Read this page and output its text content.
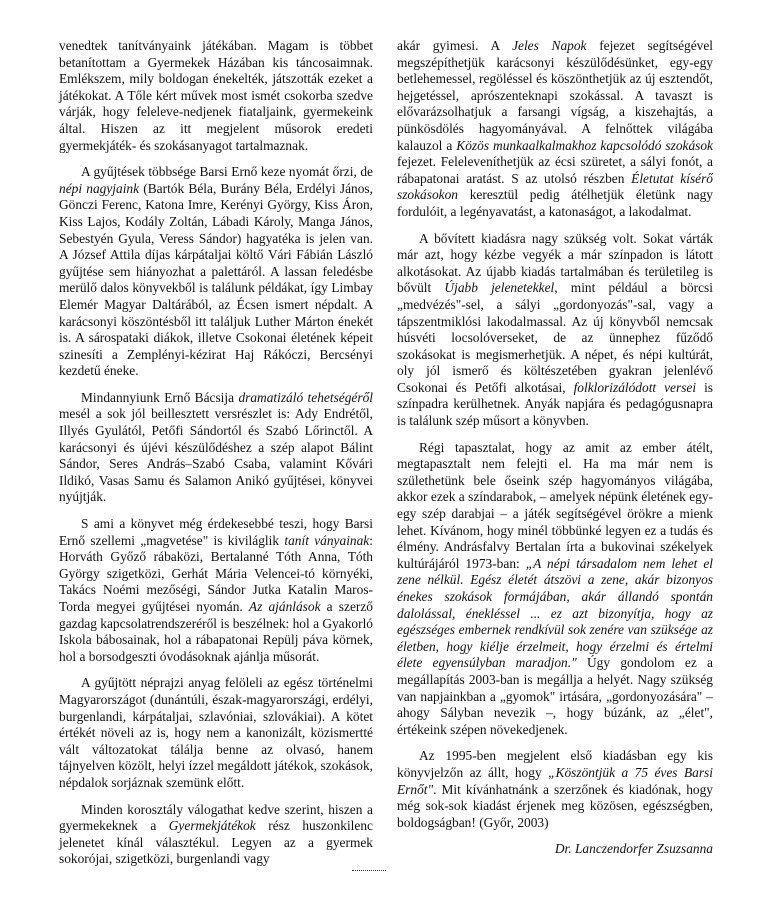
venedtek tanítványaink játékában. Magam is többet betanítottam a Gyermekek Házában kis táncosaimnak. Emlékszem, mily boldogan énekelték, játszották ezeket a játékokat. A Tőle kért művek most ismét csokorba szedve várják, hogy feleleve-nedjenek fiataljaink, gyermekeink által. Hiszen az itt megjelent műsorok eredeti gyermekjáték- és szokásanyagot tartalmaznak.

A gyűjtések többsége Barsi Ernő keze nyomát őrzi, de népi nagyjaink (Bartók Béla, Burány Béla, Erdélyi János, Gönczi Ferenc, Katona Imre, Kerényi György, Kiss Áron, Kiss Lajos, Kodály Zoltán, Lábadi Károly, Manga János, Sebestyén Gyula, Veress Sándor) hagyatéka is jelen van. A József Attila díjas kárpátaljai költő Vári Fábián László gyűjtése sem hiányozhat a palettáról. A lassan feledésbe merülő dalos könyvekből is találunk példákat, így Limbay Elemér Magyar Daltárából, az Écsen ismert népdalt. A karácsonyi köszöntésből itt találjuk Luther Márton énekét is. A sárospataki diákok, illetve Csokonai életének képeit szinesíti a Zemplényi-kézirat Haj Rákóczi, Bercsényi kezdetű éneke.

Mindannyiunk Ernő Bácsija dramatizáló tehetségéről mesél a sok jól beillesztett versrészlet is: Ady Endrétől, Illyés Gyulától, Petőfi Sándortól és Szabó Lőrinctől. A karácsonyi és újévi készülődéshez a szép alapot Bálint Sándor, Seres András–Szabó Csaba, valamint Kővári Ildikó, Vasas Samu és Salamon Anikó gyűjtései, könyvei nyújtják.

S ami a könyvet még érdekesebbé teszi, hogy Barsi Ernő szellemi „magvetése" is kiviláglik tanít ványainak: Horváth Győző rábaközi, Bertalanné Tóth Anna, Tóth György szigetközi, Gerhát Mária Velencei-tó környéki, Takács Noémi mezőségi, Sándor Jutka Katalin Maros-Torda megyei gyűjtései nyomán. Az ajánlások a szerző gazdag kapcsolatrendszeréről is beszélnek: hol a Gyakorló Iskola bábosainak, hol a rábapatonai Repülj páva körnek, hol a borsodgeszti óvodásoknak ajánlja műsorát.

A gyűjtött néprajzi anyag felöleli az egész történelmi Magyarországot (dunántúli, észak-magyarországi, erdélyi, burgenlandi, kárpátaljai, szlavóniai, szlovákiai). A kötet értékét növeli az is, hogy nem a kanonizált, közismertté vált változatokat tálálja benne az olvasó, hanem tájnyelven közölt, helyi ízzel megáldott játékok, szokások, népdalok sorjáznak szemünk előtt.

Minden korosztály válogathat kedve szerint, hiszen a gyermekeknek a Gyermekjátékok rész huszonkilenc jelenetet kínál választékul. Legyen az a gyermek sokorójai, szigetközi, burgenlandi vagy

akár gyimesi. A Jeles Napok fejezet segítségével megszépíthetjük karácsonyi készülődésünket, egy-egy betlehemessel, regöléssel és köszönthetjük az új esztendőt, hejgetéssel, aprószenteknapi szokással. A tavaszt is elővarázsolhatjuk a farsangi vígság, a kiszehajtás, a pünkösdölés hagyományával. A felnőttek világába kalauzol a Közös munkaalkalmakhoz kapcsolódó szokások fejezet. Feleleveníthetjük az écsi szüretet, a sályi fonót, a rábapatonai aratást. S az utolsó részben Életutat kísérő szokásokon keresztül pedig átélhetjük életünk nagy fordulóit, a legényavatást, a katonaságot, a lakodalmat.

A bővített kiadásra nagy szükség volt. Sokat várták már azt, hogy kézbe vegyék a már színpadon is látott alkotásokat. Az újabb kiadás tartalmában és területileg is bővült Újabb jelenetekkel, mint például a börcsi „medvézés"-sel, a sályi „gordonyozás"-sal, vagy a tápszentmiklósi lakodalmassal. Az új könyvből nemcsak húsvéti locsolóverseket, de az ünnephez fűződő szokásokat is megismerhetjük. A népet, és népi kultúrát, oly jól ismerő és költészetében gyakran jelenlévő Csokonai és Petőfi alkotásai, folklorizálódott versei is színpadra kerülhetnek. Anyák napjára és pedagógusnapra is találunk szép műsort a könyvben.

Régi tapasztalat, hogy az amit az ember átélt, megtapasztalt nem felejti el. Ha ma már nem is születhetünk bele őseink szép hagyományos világába, akkor ezek a színdarabok, – amelyek népünk életének egy-egy szép darabjai – a játék segítségével örökre a mienk lehet. Kívánom, hogy minél többünké legyen ez a tudás és élmény. Andrásfalvy Bertalan írta a bukovinai székelyek kultúrájáról 1973-ban: „A népi társadalom nem lehet el zene nélkül. Egész életét átszövi a zene, akár bizonyos énekes szokások formájában, akár állandó spontán dalolással, énekléssel ... ez azt bizonyítja, hogy az egészséges embernek rendkívül sok zenére van szüksége az életben, hogy kiélje érzelmeit, hogy érzelmi és értelmi élete egyensúlyban maradjon." Úgy gondolom ez a megállapítás 2003-ban is megállja a helyét. Nagy szükség van napjainkban a „gyomok" irtására, „gordonyozására" – ahogy Sályban nevezik –, hogy búzánk, az „élet", értékeink szépen növekedjenek.

Az 1995-ben megjelent első kiadásban egy kis könyvjelzőn az állt, hogy „Köszöntjük a 75 éves Barsi Ernőt". Mit kívánhatnánk a szerzőnek és kiadónak, hogy még sok-sok kiadást érjenek meg közösen, egészségben, boldogságban! (Győr, 2003)

Dr. Lanczendorfer Zsuzsanna
